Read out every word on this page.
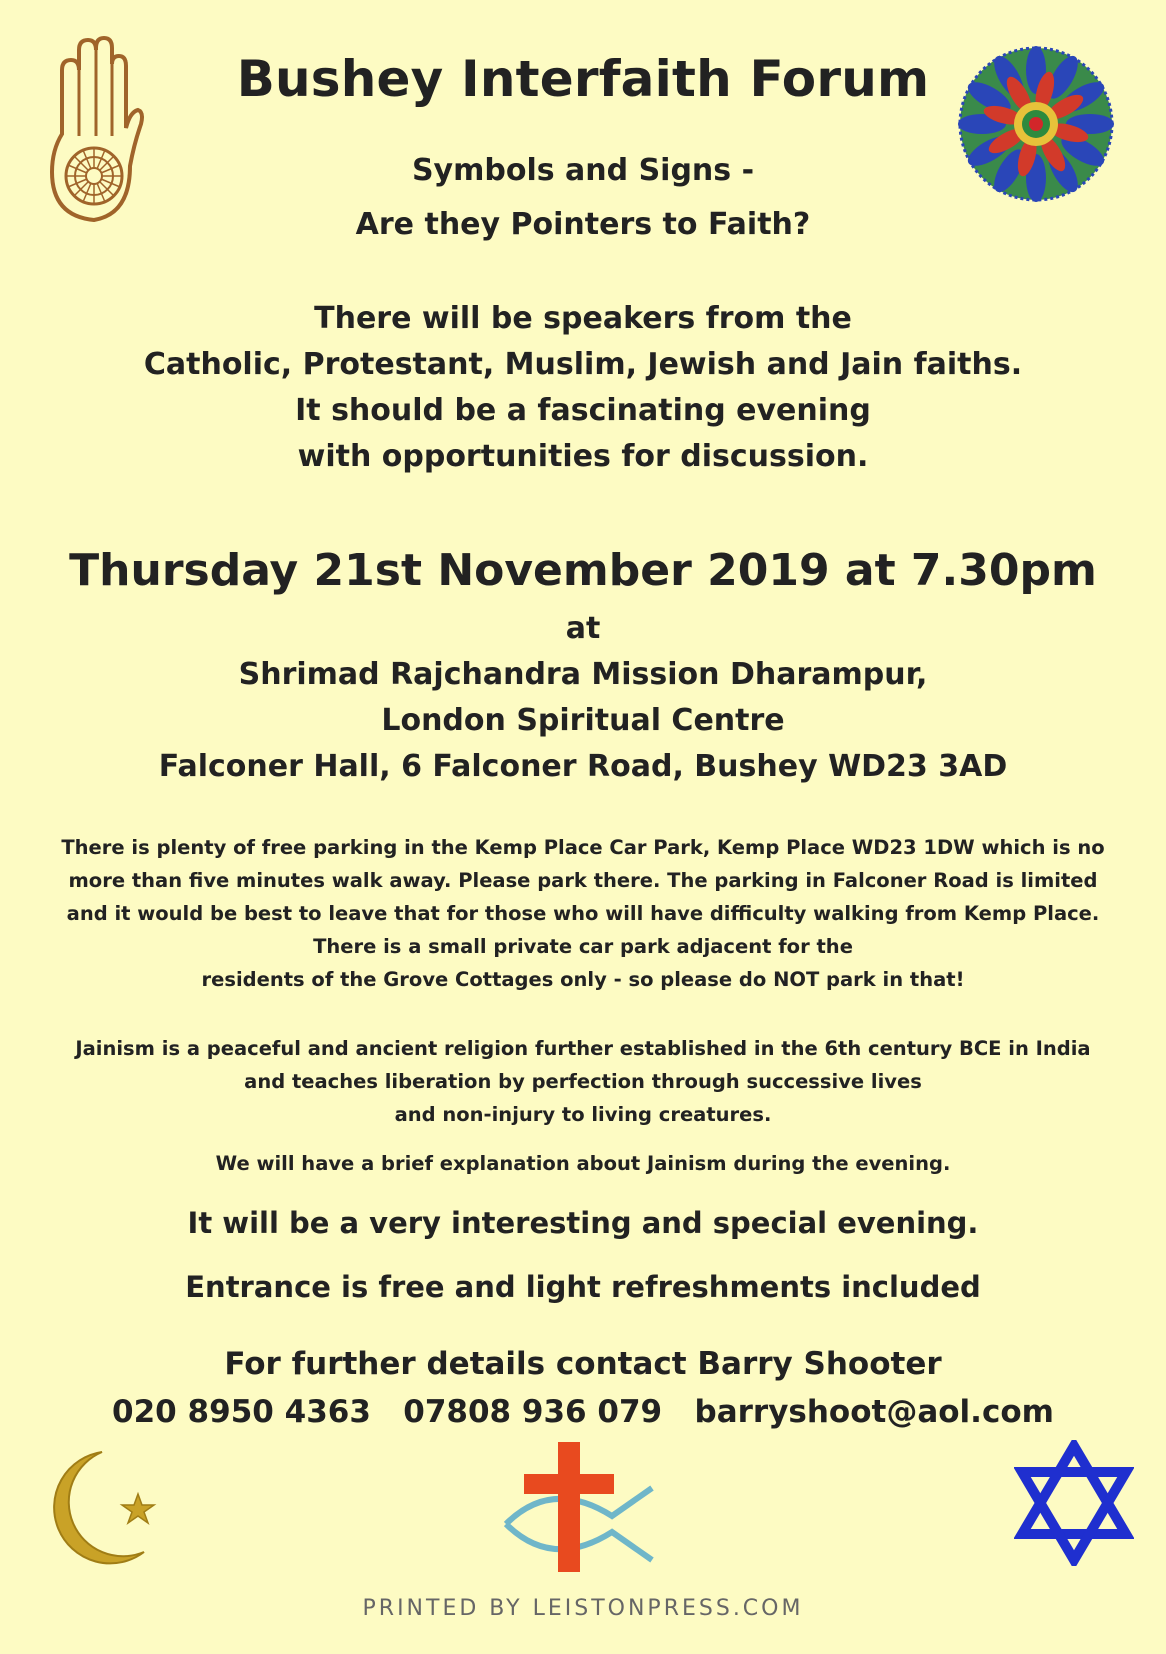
Bushey Interfaith Forum
Symbols and Signs -
Are they Pointers to Faith?
There will be speakers from the
Catholic, Protestant, Muslim, Jewish and Jain faiths.
It should be a fascinating evening
with opportunities for discussion.
Thursday 21st November 2019 at 7.30pm
at
Shrimad Rajchandra Mission Dharampur,
London Spiritual Centre
Falconer Hall, 6 Falconer Road, Bushey WD23 3AD
There is plenty of free parking in the Kemp Place Car Park, Kemp Place WD23 1DW which is no
more than five minutes walk away. Please park there. The parking in Falconer Road is limited
and it would be best to leave that for those who will have difficulty walking from Kemp Place.
There is a small private car park adjacent for the
residents of the Grove Cottages only - so please do NOT park in that!
Jainism is a peaceful and ancient religion further established in the 6th century BCE in India
and teaches liberation by perfection through successive lives
and non-injury to living creatures.
We will have a brief explanation about Jainism during the evening.
It will be a very interesting and special evening.
Entrance is free and light refreshments included
For further details contact Barry Shooter
020 8950 4363   07808 936 079   barryshoot@aol.com
PRINTED BY LEISTONPRESS.COM
